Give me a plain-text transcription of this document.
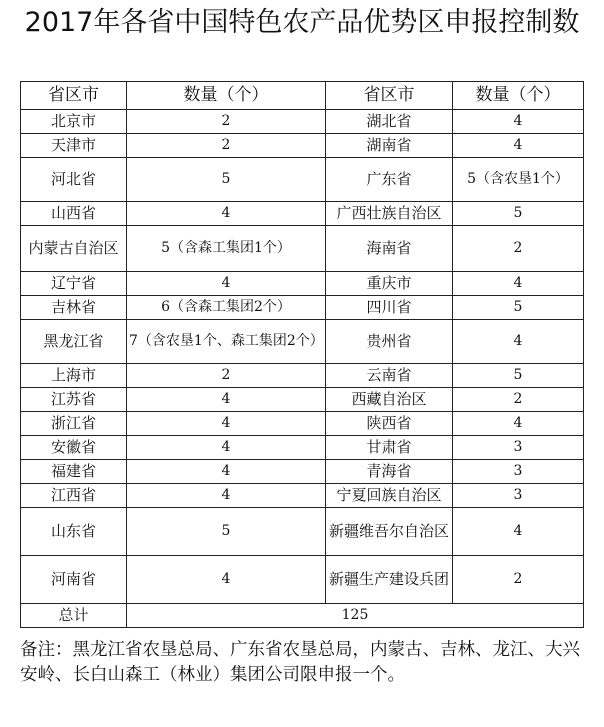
2017年各省中国特色农产品优势区申报控制数
省区市	数量（个）	省区市	数量（个）
北京市	2	湖北省	4
天津市	2	湖南省	4
河北省	5	广东省	5（含农垦1个）
山西省	4	广西壮族自治区	5
内蒙古自治区	5（含森工集团1个）	海南省	2
辽宁省	4	重庆市	4
吉林省	6（含森工集团2个）	四川省	5
黑龙江省	7（含农垦1个、森工集团2个）	贵州省	4
上海市	2	云南省	5
江苏省	4	西藏自治区	2
浙江省	4	陕西省	4
安徽省	4	甘肃省	3
福建省	4	青海省	3
江西省	4	宁夏回族自治区	3
山东省	5	新疆维吾尔自治区	4
河南省	4	新疆生产建设兵团	2
总计	125		
备注：黑龙江省农垦总局、广东省农垦总局，内蒙古、吉林、龙江、大兴安岭、长白山森工（林业）集团公司限申报一个。
